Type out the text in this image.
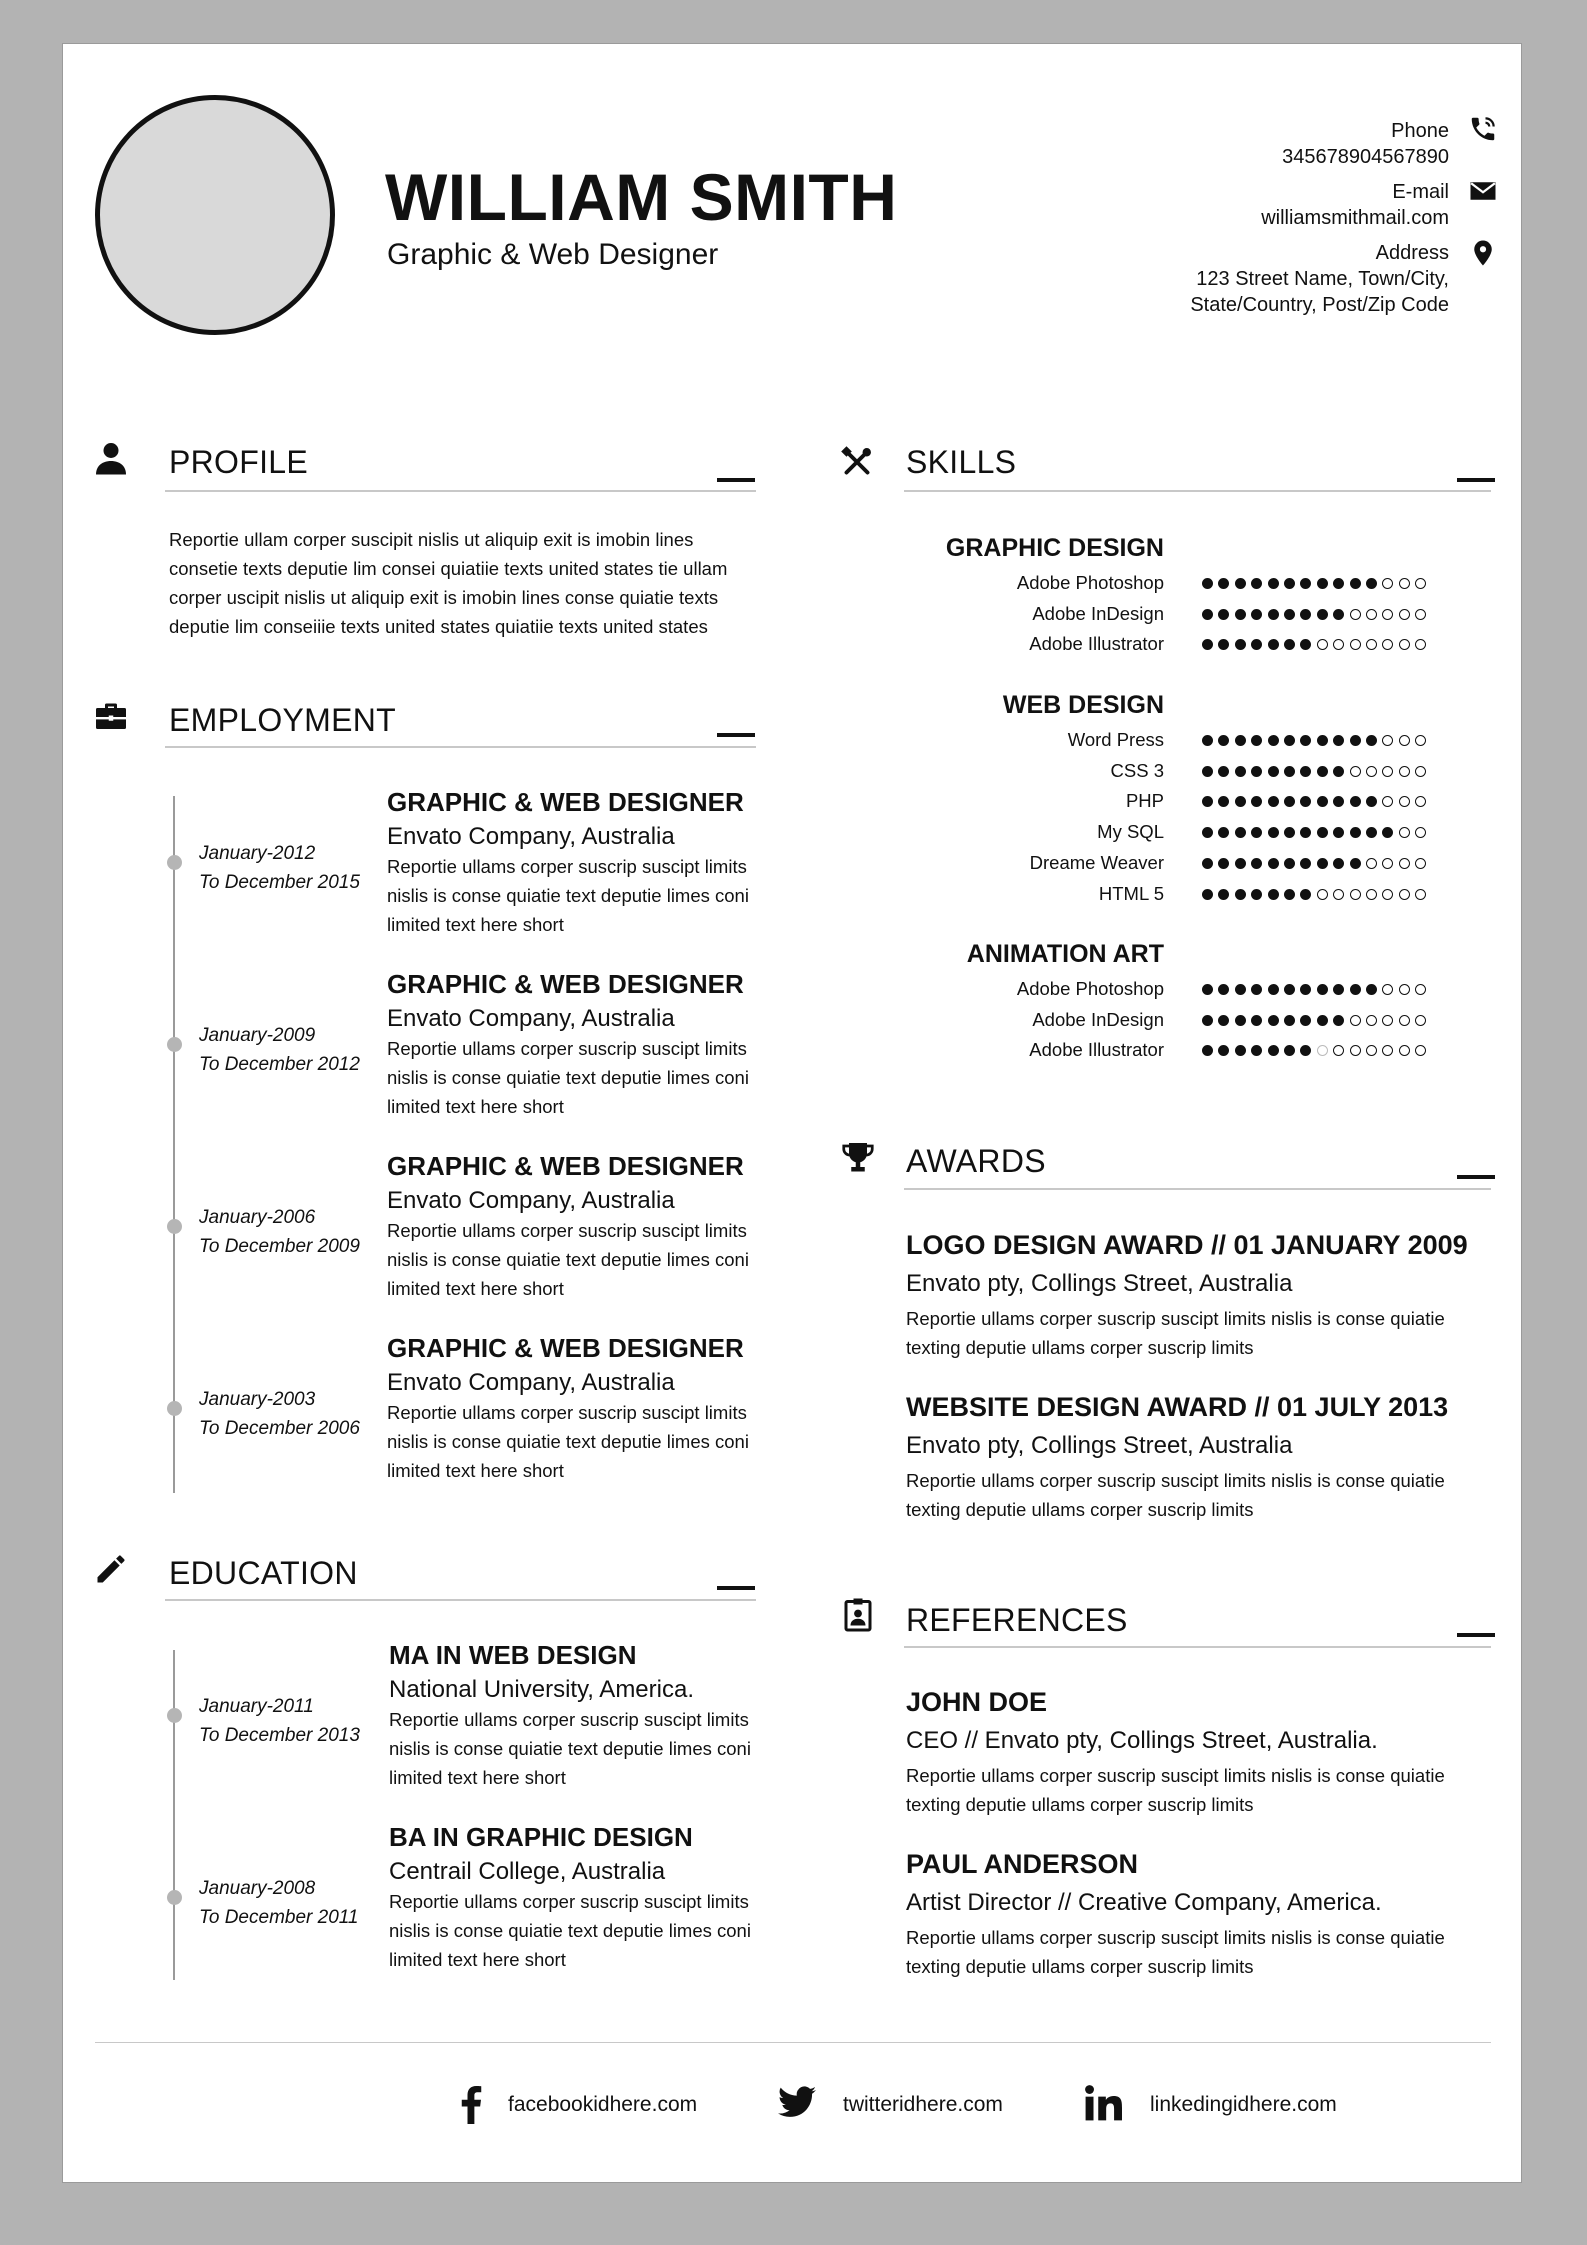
WILLIAM SMITH
Graphic & Web Designer
Phone
345678904567890
E-mail
williamsmithmail.com
Address
123 Street Name, Town/City,
State/Country, Post/Zip Code
PROFILE
Reportie ullam corper suscipit nislis ut aliquip exit is imobin lines consetie texts deputie lim consei quiatiie texts united states tie ullam corper uscipit nislis ut aliquip exit is imobin lines conse quiatie texts deputie lim conseiiie texts united states quiatiie texts united states
EMPLOYMENT
January-2012
To December 2015
GRAPHIC & WEB DESIGNER
Envato Company, Australia
Reportie ullams corper suscrip suscipt limits
nislis is conse quiatie text deputie limes coni
limited text here short
January-2009
To December 2012
GRAPHIC & WEB DESIGNER
Envato Company, Australia
Reportie ullams corper suscrip suscipt limits
nislis is conse quiatie text deputie limes coni
limited text here short
January-2006
To December 2009
GRAPHIC & WEB DESIGNER
Envato Company, Australia
Reportie ullams corper suscrip suscipt limits
nislis is conse quiatie text deputie limes coni
limited text here short
January-2003
To December 2006
GRAPHIC & WEB DESIGNER
Envato Company, Australia
Reportie ullams corper suscrip suscipt limits
nislis is conse quiatie text deputie limes coni
limited text here short
EDUCATION
January-2011
To December 2013
MA IN WEB DESIGN
National University, America.
Reportie ullams corper suscrip suscipt limits
nislis is conse quiatie text deputie limes coni
limited text here short
January-2008
To December 2011
BA IN GRAPHIC DESIGN
Centrail College, Australia
Reportie ullams corper suscrip suscipt limits
nislis is conse quiatie text deputie limes coni
limited text here short
SKILLS
GRAPHIC DESIGN
Adobe Photoshop
Adobe InDesign
Adobe Illustrator
WEB DESIGN
Word Press
CSS 3
PHP
My SQL
Dreame Weaver
HTML 5
ANIMATION ART
Adobe Photoshop
Adobe InDesign
Adobe Illustrator
AWARDS
LOGO DESIGN AWARD // 01 JANUARY 2009
Envato pty, Collings Street, Australia
Reportie ullams corper suscrip suscipt limits nislis is conse quiatie texting deputie ullams corper suscrip limits
WEBSITE DESIGN AWARD // 01 JULY 2013
Envato pty, Collings Street, Australia
Reportie ullams corper suscrip suscipt limits nislis is conse quiatie texting deputie ullams corper suscrip limits
REFERENCES
JOHN DOE
CEO // Envato pty, Collings Street, Australia.
Reportie ullams corper suscrip suscipt limits nislis is conse quiatie texting deputie ullams corper suscrip limits
PAUL ANDERSON
Artist Director // Creative Company, America.
Reportie ullams corper suscrip suscipt limits nislis is conse quiatie texting deputie ullams corper suscrip limits
facebookidhere.com	twitteridhere.com	linkedingidhere.com
